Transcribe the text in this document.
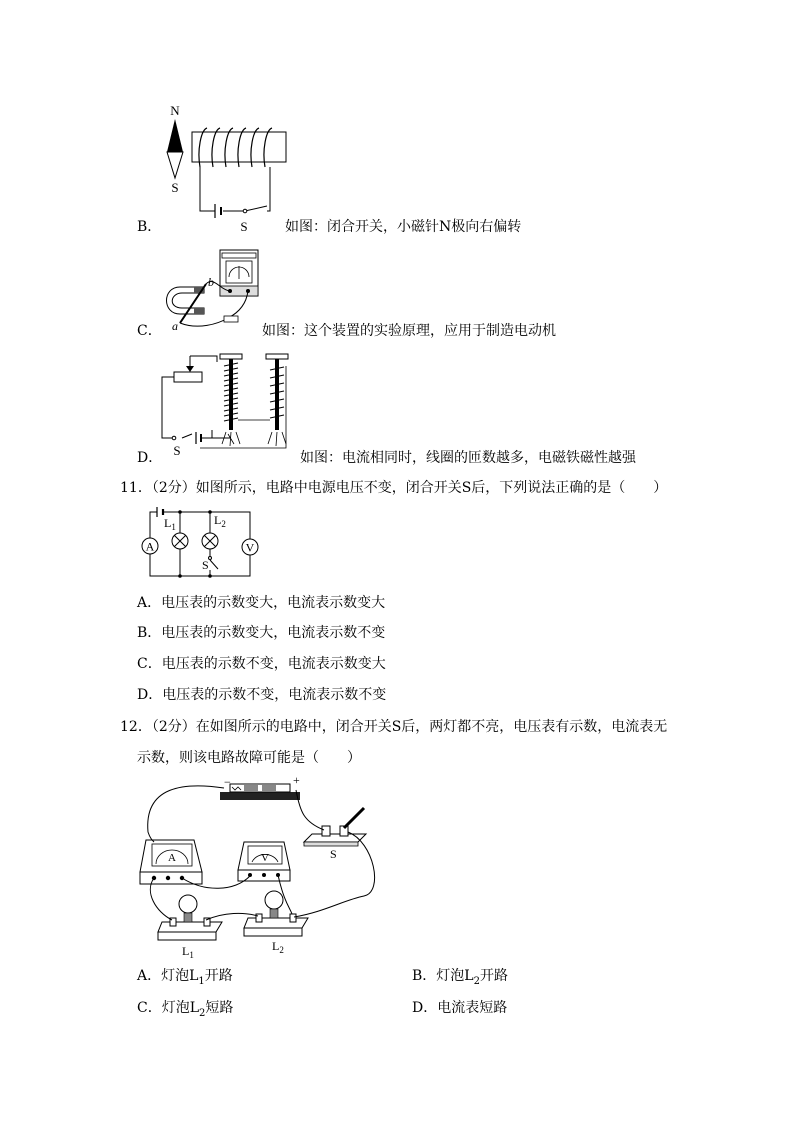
B．
N
S
S	如图：闭合开关，小磁针N极向右偏转
C． a
b
如图：这个装置的实验原理，应用于制造电动机
D． S	如图：电流相同时，线圈的匝数越多，电磁铁磁性越强
11．（2分）如图所示，电路中电源电压不变，闭合开关S后，下列说法正确的是（　　）
A
$L_1$	$L_2$
S
V
A．电压表的示数变大，电流表示数变大
B．电压表的示数变大，电流表示数不变
C．电压表的示数不变，电流表示数变大
D．电压表的示数不变，电流表示数不变
12．（2分）在如图所示的电路中，闭合开关S后，两灯都不亮，电压表有示数，电流表无
示数，则该电路故障可能是（　　）
−	+
S
A	V
$L_1$
$L_2$
A．灯泡$L_1$开路	B．灯泡$L_2$开路
C．灯泡$L_2$短路	D．电流表短路
